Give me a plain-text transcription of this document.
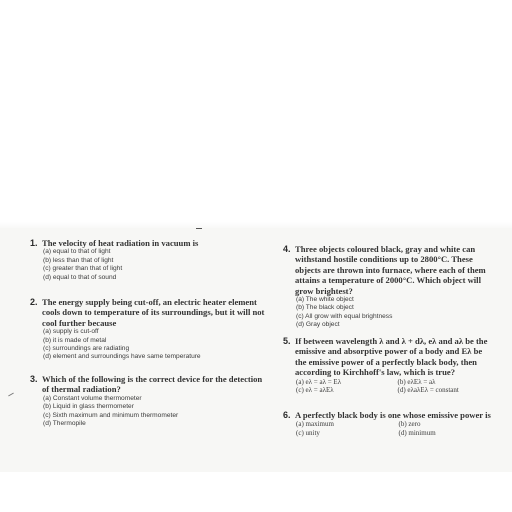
1. The velocity of heat radiation in vacuum is
(a) equal to that of light
(b) less than that of light
(c) greater than that of light
(d) equal to that of sound
2. The energy supply being cut-off, an electric heater element cools down to temperature of its surroundings, but it will not cool further because
(a) supply is cut-off
(b) it is made of metal
(c) surroundings are radiating
(d) element and surroundings have same temperature
3. Which of the following is the correct device for the detection of thermal radiation?
(a) Constant volume thermometer
(b) Liquid in glass thermometer
(c) Sixth maximum and minimum thermometer
(d) Thermopile
4. Three objects coloured black, gray and white can withstand hostile conditions up to 2800°C. These objects are thrown into furnace, where each of them attains a temperature of 2000°C. Which object will grow brightest?
(a) The white object
(b) The black object
(c) All grow with equal brightness
(d) Gray object
5. If between wavelength λ and λ + dλ, eλ and aλ be the emissive and absorptive power of a body and Eλ be the emissive power of a perfectly black body, then according to Kirchhoff's law, which is true?
(a) eλ = aλ = Eλ	(b) eλEλ = aλ
(c) eλ = aλEλ	(d) eλaλEλ = constant
6. A perfectly black body is one whose emissive power is
(a) maximum	(b) zero
(c) unity	(d) minimum
